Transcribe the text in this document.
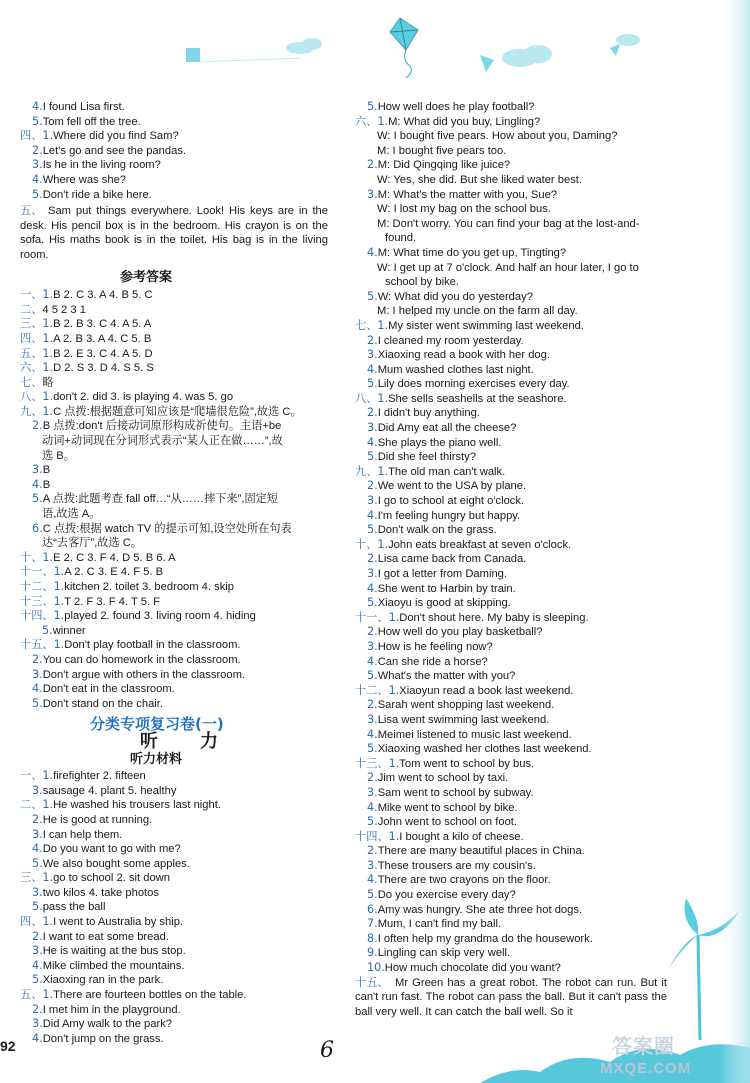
4.I found Lisa first.
5.Tom fell off the tree.
四、1.Where did you find Sam?
2.Let's go and see the pandas.
3.Is he in the living room?
4.Where was she?
5.Don't ride a bike here.
五、 Sam put things everywhere. Look! His keys are in the desk. His pencil box is in the bedroom. His crayon is on the sofa. His maths book is in the toilet. His bag is in the living room.
参考答案
一、1.B 2. C 3. A 4. B 5. C
二、4 5 2 3 1
三、1.B 2. B 3. C 4. A 5. A
四、1.A 2. B 3. A 4. C 5. B
五、1.B 2. E 3. C 4. A 5. D
六、1.D 2. S 3. D 4. S 5. S
七、略
八、1.don't 2. did 3. is playing 4. was 5. go
九、1.C 点拨:根据题意可知应该是“爬墙很危险”,故选 C。
2.B 点拨:don't 后接动词原形构成祈使句。主语+be
动词+动词现在分词形式表示“某人正在做……”,故
选 B。
3.B
4.B
5.A 点拨:此题考查 fall off…“从……摔下来”,固定短
语,故选 A。
6.C 点拨:根据 watch TV 的提示可知,设空处所在句表
达“去客厅”,故选 C。
十、1.E 2. C 3. F 4. D 5. B 6. A
十一、1.A 2. C 3. E 4. F 5. B
十二、1.kitchen 2. toilet 3. bedroom 4. skip
十三、1.T 2. F 3. F 4. T 5. F
十四、1.played 2. found 3. living room 4. hiding
5.winner
十五、1.Don't play football in the classroom.
2.You can do homework in the classroom.
3.Don't argue with others in the classroom.
4.Don't eat in the classroom.
5.Don't stand on the chair.
分类专项复习卷(一)
听　力
听力材料
一、1.firefighter 2. fifteen
3.sausage 4. plant 5. healthy
二、1.He washed his trousers last night.
2.He is good at running.
3.I can help them.
4.Do you want to go with me?
5.We also bought some apples.
三、1.go to school 2. sit down
3.two kilos 4. take photos
5.pass the ball
四、1.I went to Australia by ship.
2.I want to eat some bread.
3.He is waiting at the bus stop.
4.Mike climbed the mountains.
5.Xiaoxing ran in the park.
五、1.There are fourteen bottles on the table.
2.I met him in the playground.
3.Did Amy walk to the park?
4.Don't jump on the grass.
5.How well does he play football?
六、1.M: What did you buy, Lingling?
W: I bought five pears. How about you, Daming?
M: I bought five pears too.
2.M: Did Qingqing like juice?
W: Yes, she did. But she liked water best.
3.M: What's the matter with you, Sue?
W: I lost my bag on the school bus.
M: Don't worry. You can find your bag at the lost-and-
found.
4.M: What time do you get up, Tingting?
W: I get up at 7 o'clock. And half an hour later, I go to
school by bike.
5.W: What did you do yesterday?
M: I helped my uncle on the farm all day.
七、1.My sister went swimming last weekend.
2.I cleaned my room yesterday.
3.Xiaoxing read a book with her dog.
4.Mum washed clothes last night.
5.Lily does morning exercises every day.
八、1.She sells seashells at the seashore.
2.I didn't buy anything.
3.Did Amy eat all the cheese?
4.She plays the piano well.
5.Did she feel thirsty?
九、1.The old man can't walk.
2.We went to the USA by plane.
3.I go to school at eight o'clock.
4.I'm feeling hungry but happy.
5.Don't walk on the grass.
十、1.John eats breakfast at seven o'clock.
2.Lisa came back from Canada.
3.I got a letter from Daming.
4.She went to Harbin by train.
5.Xiaoyu is good at skipping.
十一、1.Don't shout here. My baby is sleeping.
2.How well do you play basketball?
3.How is he feeling now?
4.Can she ride a horse?
5.What's the matter with you?
十二、1.Xiaoyun read a book last weekend.
2.Sarah went shopping last weekend.
3.Lisa went swimming last weekend.
4.Meimei listened to music last weekend.
5.Xiaoxing washed her clothes last weekend.
十三、1.Tom went to school by bus.
2.Jim went to school by taxi.
3.Sam went to school by subway.
4.Mike went to school by bike.
5.John went to school on foot.
十四、1.I bought a kilo of cheese.
2.There are many beautiful places in China.
3.These trousers are my cousin's.
4.There are two crayons on the floor.
5.Do you exercise every day?
6.Amy was hungry. She ate three hot dogs.
7.Mum, I can't find my ball.
8.I often help my grandma do the housework.
9.Lingling can skip very well.
10.How much chocolate did you want?
十五、 Mr Green has a great robot. The robot can run. But it can't run fast. The robot can pass the ball. But it can't pass the ball very well. It can catch the ball well. So it
92	6	答案圈
MXQE.COM
